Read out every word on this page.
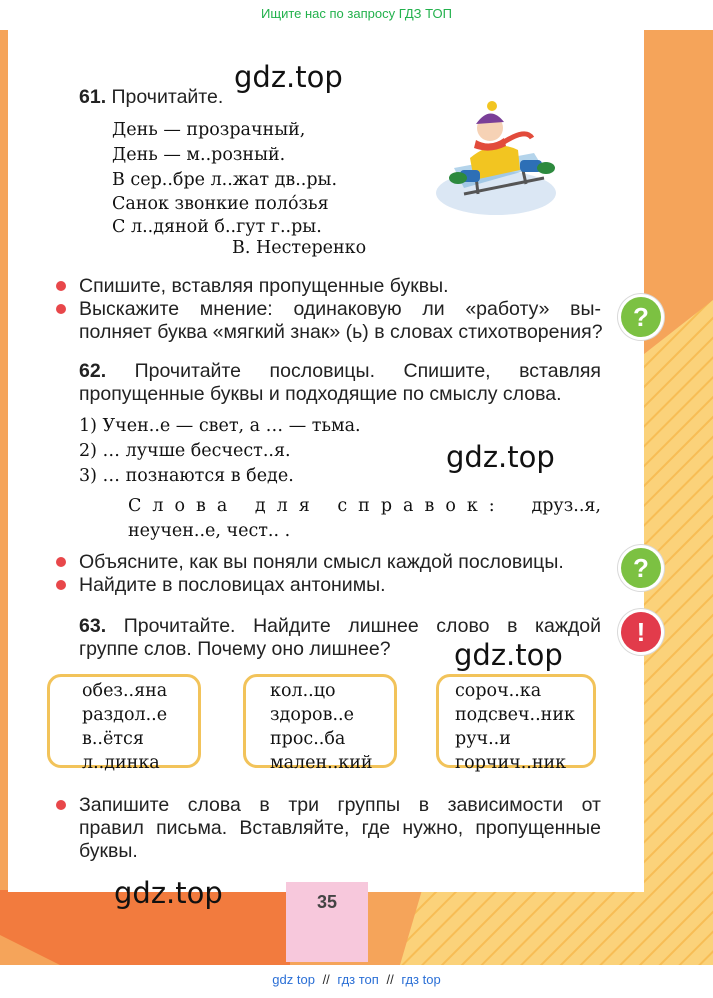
Ищите нас по запросу ГДЗ ТОП
gdz.top
gdz.top
gdz.top
gdz.top
61. Прочитайте.
День — прозрачный,
День — м..розный.
В сер..бре л..жат дв..ры.
Санок звонкие полóзья
С л..дяной б..гут г..ры.
В. Нестеренко
Спишите, вставляя пропущенные буквы.
Выскажите мнение: одинаковую ли «работу» вы-
полняет буква «мягкий знак» (ь) в словах стихотворения?
?
62. Прочитайте пословицы. Спишите, вставляя
пропущенные буквы и подходящие по смыслу слова.
1) Учен..е — свет, а … — тьма.
2) … лучше бесчест..я.
3) … познаются в беде.
Слова для справок: друз..я,
неучен..е, чест.. .
Объясните, как вы поняли смысл каждой пословицы.
Найдите в пословицах антонимы.
?
!
63. Прочитайте. Найдите лишнее слово в каждой
группе слов. Почему оно лишнее?
обез..яна
раздол..е
в..ётся
л..динка
кол..цо
здоров..е
прос..ба
мален..кий
сороч..ка
подсвеч..ник
руч..и
горчич..ник
Запишите слова в три группы в зависимости от
правил письма. Вставляйте, где нужно, пропущенные
буквы.
35
gdz top // гдз топ // гдз top
